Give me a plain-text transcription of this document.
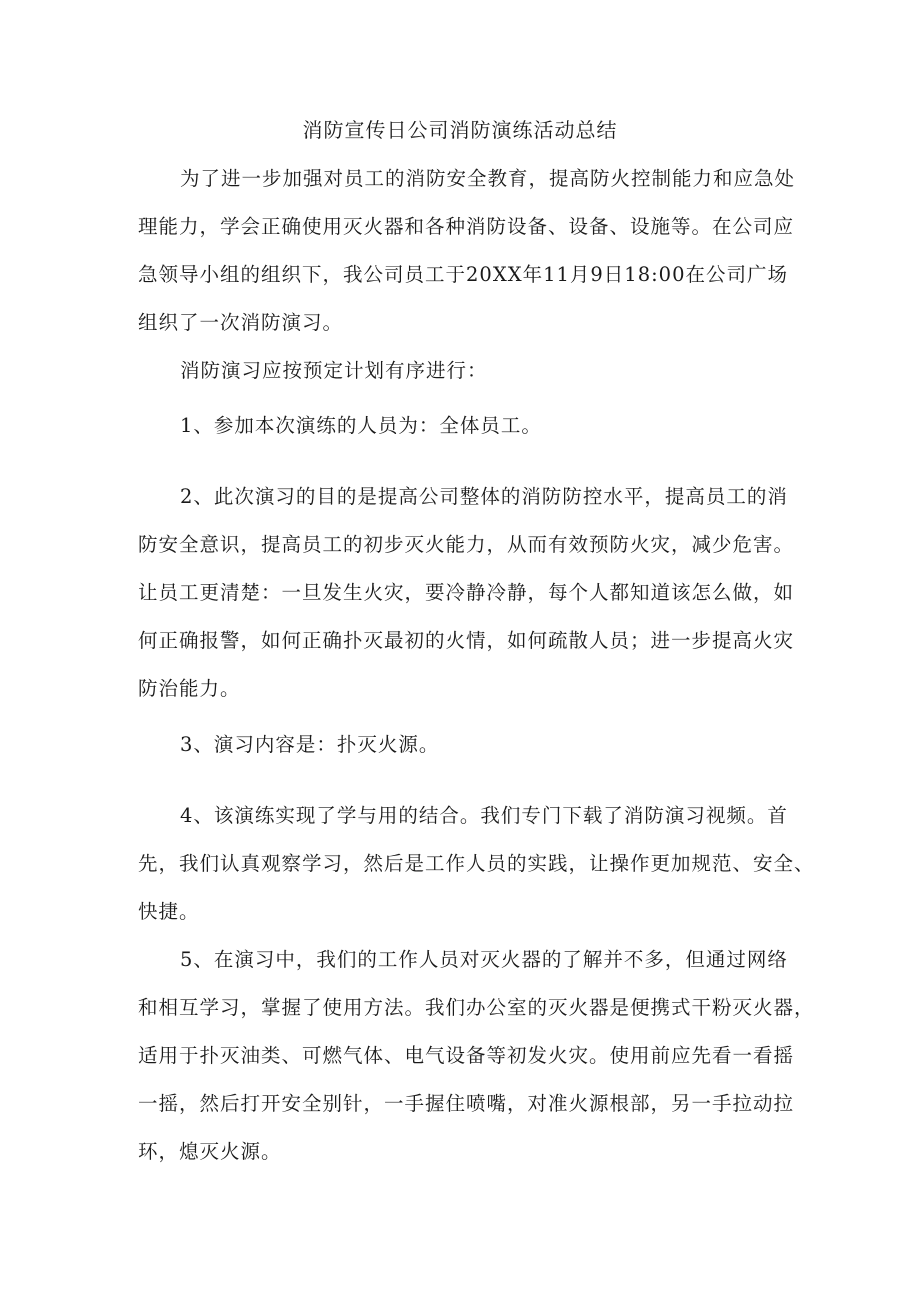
消防宣传日公司消防演练活动总结
为了进一步加强对员工的消防安全教育，提高防火控制能力和应急处
理能力，学会正确使用灭火器和各种消防设备、设备、设施等。在公司应
急领导小组的组织下，我公司员工于20XX年11月9日18:00在公司广场
组织了一次消防演习。
消防演习应按预定计划有序进行：
1、参加本次演练的人员为：全体员工。
2、此次演习的目的是提高公司整体的消防防控水平，提高员工的消
防安全意识，提高员工的初步灭火能力，从而有效预防火灾，减少危害。
让员工更清楚：一旦发生火灾，要冷静冷静，每个人都知道该怎么做，如
何正确报警，如何正确扑灭最初的火情，如何疏散人员；进一步提高火灾
防治能力。
3、演习内容是：扑灭火源。
4、该演练实现了学与用的结合。我们专门下载了消防演习视频。首
先，我们认真观察学习，然后是工作人员的实践，让操作更加规范、安全、
快捷。
5、在演习中，我们的工作人员对灭火器的了解并不多，但通过网络
和相互学习，掌握了使用方法。我们办公室的灭火器是便携式干粉灭火器，
适用于扑灭油类、可燃气体、电气设备等初发火灾。使用前应先看一看摇
一摇，然后打开安全别针，一手握住喷嘴，对准火源根部，另一手拉动拉
环，熄灭火源。
